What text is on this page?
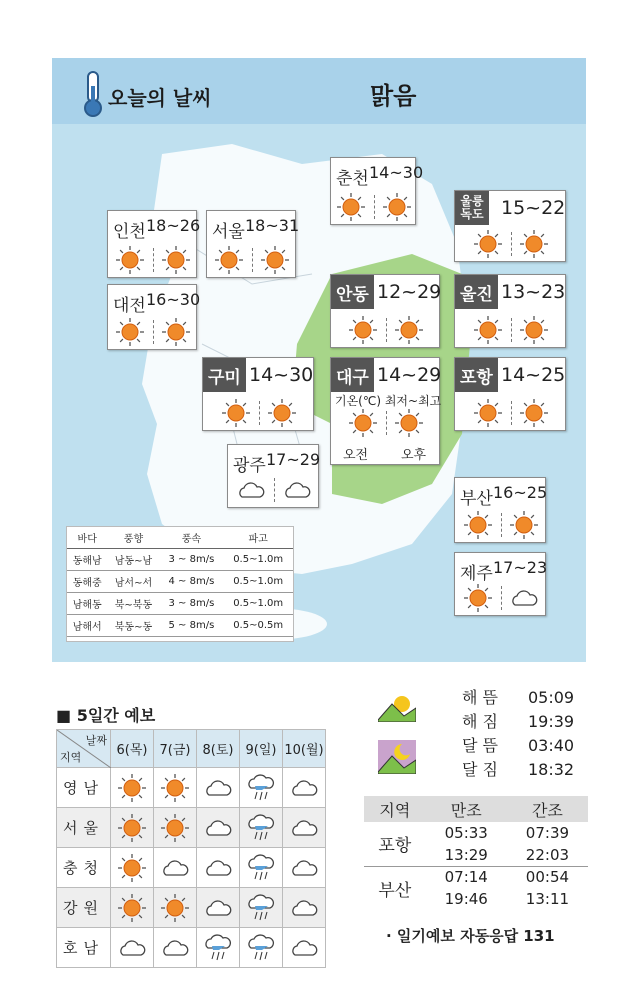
오늘의 날씨	맑음
바다	풍향	풍속	파고
동해남	남동~남	3 ~ 8m/s	0.5~1.0m
동해중	남서~서	4 ~ 8m/s	0.5~1.0m
남해동	북~북동	3 ~ 8m/s	0.5~1.0m
남해서	북동~동	5 ~ 8m/s	0.5~0.5m
춘천 14~30
인천 18~26 서울 18~31
울릉 독도 15~22
대전 16~30	안동 12~29 울진 13~23
구미 14~30 대구 14~29
기온(℃) 최저~최고
오전	오후
포항 14~25
광주 17~29
부산 16~25
제주 17~23
■ 5일간 예보
날짜
지역	6(목)	7(금)	8(토)	9(일)	10(월)
영남	

서울	

충청	

강원	

호남	

해 뜸 05:09
해 짐 19:39
달 뜸 03:40
달 짐 18:32
지역	만조	간조
포항	05:33	07:39
	13:29	22:03
부산	07:14	00:54
	19:46	13:11
· 일기예보 자동응답 131
